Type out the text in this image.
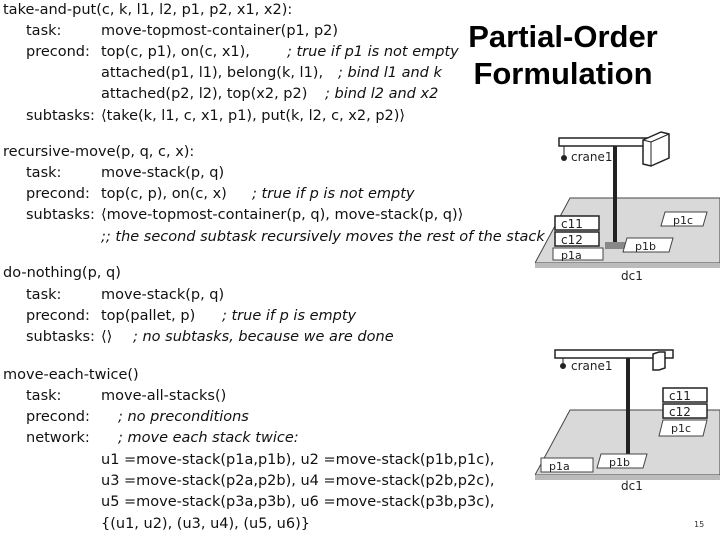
Partial-Order Formulation
take-and-put(c, k, l1, l2, p1, p2, x1, x2):
task:	move-topmost-container(p1, p2)
precond: top(c, p1), on(c, x1),	; true if p1 is not empty
attached(p1, l1), belong(k, l1), ; bind l1 and k
attached(p2, l2), top(x2, p2) ; bind l2 and x2
subtasks: ⟨take(k, l1, c, x1, p1), put(k, l2, c, x2, p2)⟩
recursive-move(p, q, c, x):
task:	move-stack(p, q)
precond: top(c, p), on(c, x) ; true if p is not empty
subtasks: ⟨move-topmost-container(p, q), move-stack(p, q)⟩
;; the second subtask recursively moves the rest of the stack
do-nothing(p, q)
task:	move-stack(p, q)
precond: top(pallet, p) ; true if p is empty
subtasks: ⟨⟩ ; no subtasks, because we are done
move-each-twice()
task:	move-all-stacks()
precond: ; no preconditions
network: ; move each stack twice:
u1 =move-stack(p1a,p1b), u2 =move-stack(p1b,p1c),
u3 =move-stack(p2a,p2b), u4 =move-stack(p2b,p2c),
u5 =move-stack(p3a,p3b), u6 =move-stack(p3b,p3c),
{(u1, u2), (u3, u4), (u5, u6)}
crane1
c11
c12
p1a
p1b
p1c
dc1
crane1
c11
c12
p1c
p1b
p1a
dc1
15
